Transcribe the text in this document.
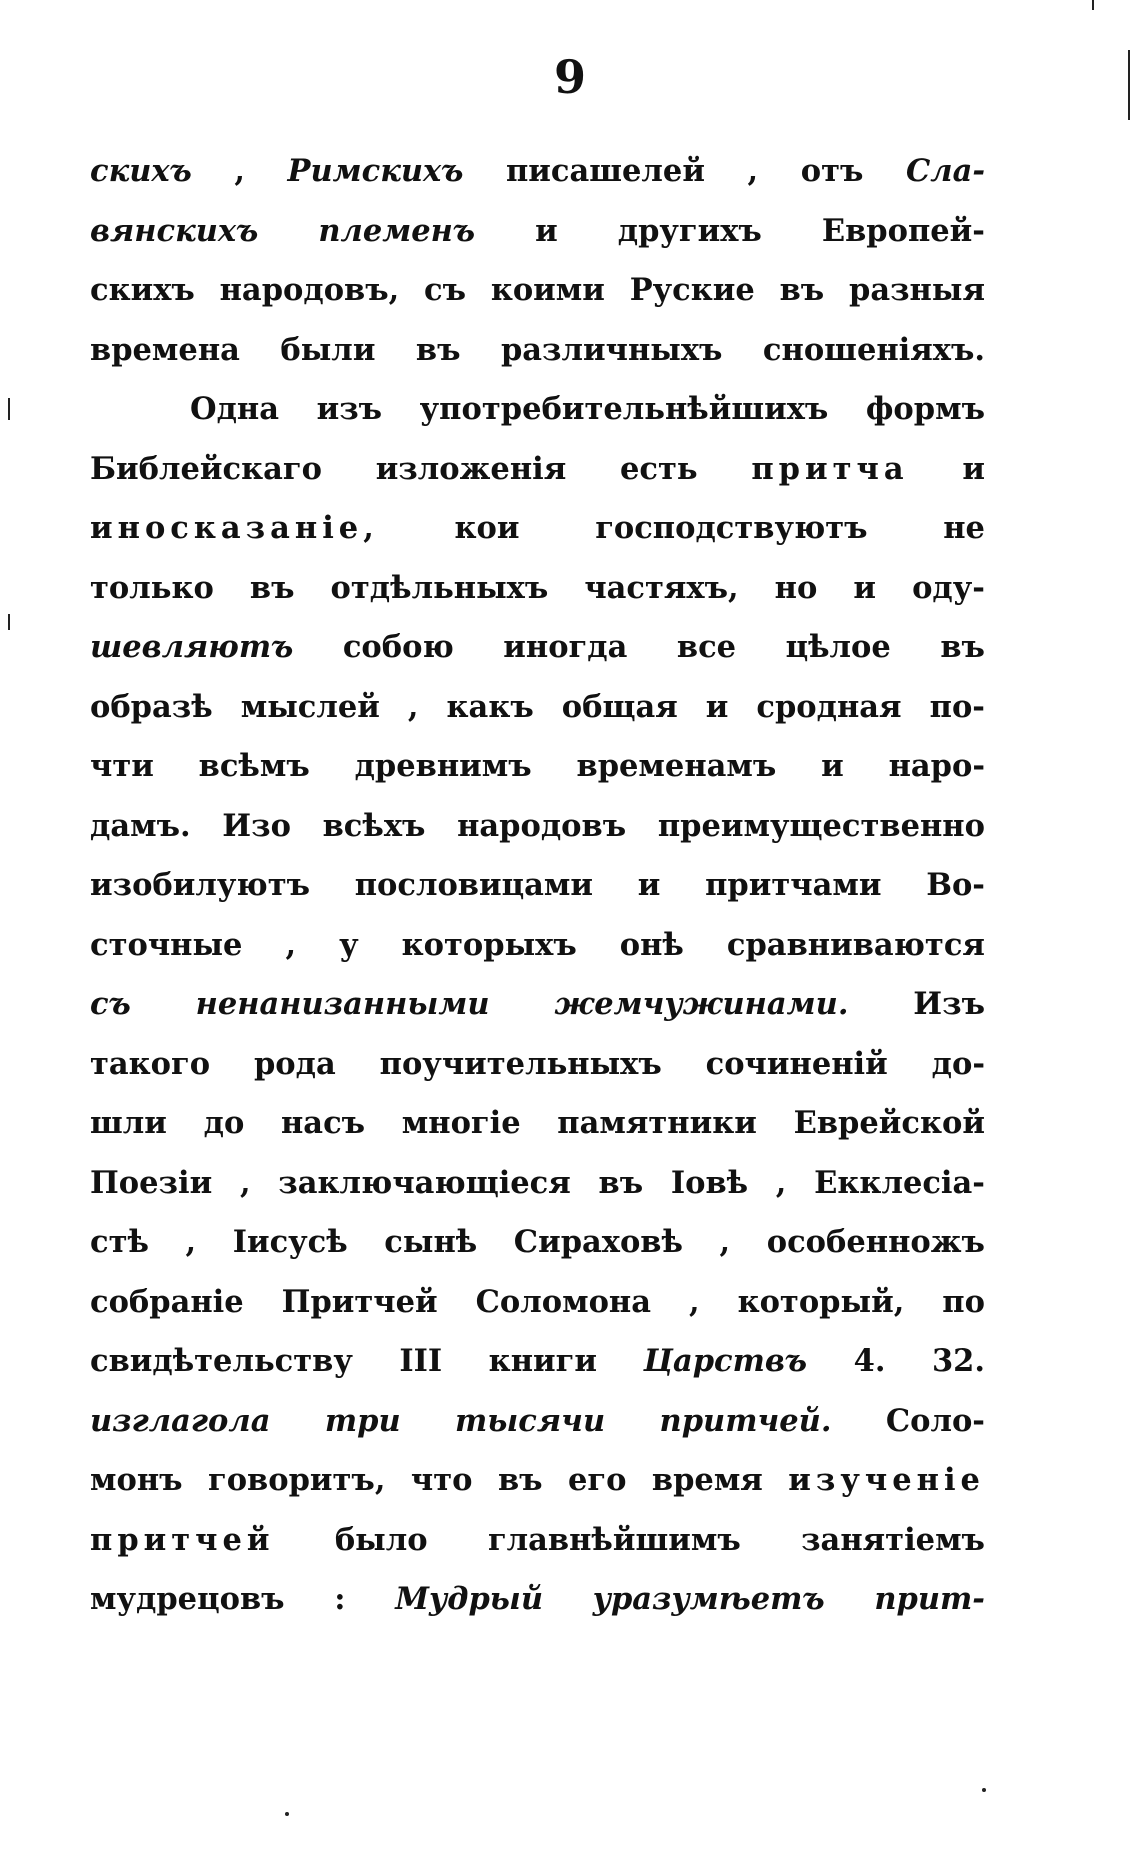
9
скихъ , Римскихъ писашелей , отъ Сла-
вянскихъ племенъ и другихъ Европей-
скихъ народовъ, съ коими Руские въ разныя
времена были въ различныхъ сношеніяхъ.
Одна изъ употребительнѣйшихъ формъ
Библейскаго изложенія есть притча и
иносказаніе, кои господствуютъ не
только въ отдѣльныхъ частяхъ, но и оду-
шевляютъ собою иногда все цѣлое въ
образѣ мыслей , какъ общая и сродная по-
чти всѣмъ древнимъ временамъ и наро-
дамъ. Изо всѣхъ народовъ преимущественно
изобилуютъ пословицами и притчами Во-
сточные , у которыхъ онѣ сравниваются
съ ненанизанными жемчужинами. Изъ
такого рода поучительныхъ сочиненій до-
шли до насъ многіе памятники Еврейской
Поезіи , заключающіеся въ Іовѣ , Екклесіа-
стѣ , Іисусѣ сынѣ Сираховѣ , особенножъ
собраніе Притчей Соломона , который, по
свидѣтельству III книги Царствъ 4. 32.
изглагола три тысячи притчей. Соло-
монъ говоритъ, что въ его время изученіе
притчей было главнѣйшимъ занятіемъ
мудрецовъ : Мудрый уразумѣетъ прит-
